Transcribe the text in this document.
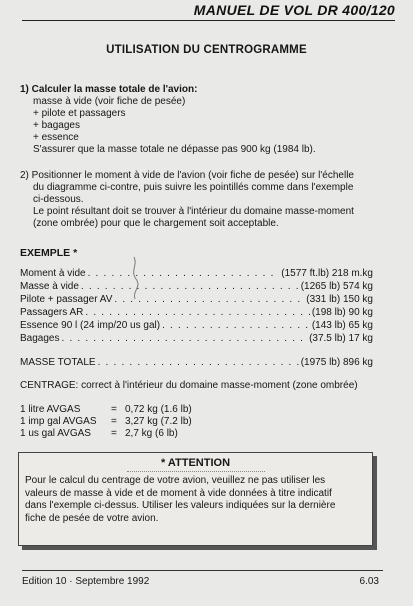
MANUEL DE VOL DR 400/120
UTILISATION DU CENTROGRAMME
1) Calculer la masse totale de l'avion:
masse à vide (voir fiche de pesée)
+ pilote et passagers
+ bagages
+ essence
S'assurer que la masse totale ne dépasse pas 900 kg (1984 lb).
2) Positionner le moment à vide de l'avion (voir fiche de pesée) sur l'échelle
du diagramme ci-contre, puis suivre les pointillés comme dans l'exemple
ci-dessous.
Le point résultant doit se trouver à l'intérieur du domaine masse-moment
(zone ombrée) pour que le chargement soit acceptable.
EXEMPLE *
Moment à vide . . .	(1577 ft.lb) 218 m.kg
Masse à vide . . .	(1265 lb) 574 kg
Pilote + passager AV . . .	(331 lb) 150 kg
Passagers AR . . .	(198 lb) 90 kg
Essence 90 l (24 imp/20 us gal) . . .	(143 lb) 65 kg
Bagages . . .	(37.5 lb) 17 kg
MASSE TOTALE . . .	(1975 lb) 896 kg
CENTRAGE: correct à l'intérieur du domaine masse-moment (zone ombrée)
1 litre AVGAS	= 0,72 kg (1.6 lb)
1 imp gal AVGAS = 3,27 kg (7.2 lb)
1 us gal AVGAS = 2,7 kg (6 lb)
* ATTENTION
Pour le calcul du centrage de votre avion, veuillez ne pas utiliser les
valeurs de masse à vide et de moment à vide données à titre indicatif
dans l'exemple ci-dessus. Utiliser les valeurs indiquées sur la dernière
fiche de pesée de votre avion.
Edition 10 · Septembre 1992	6.03
